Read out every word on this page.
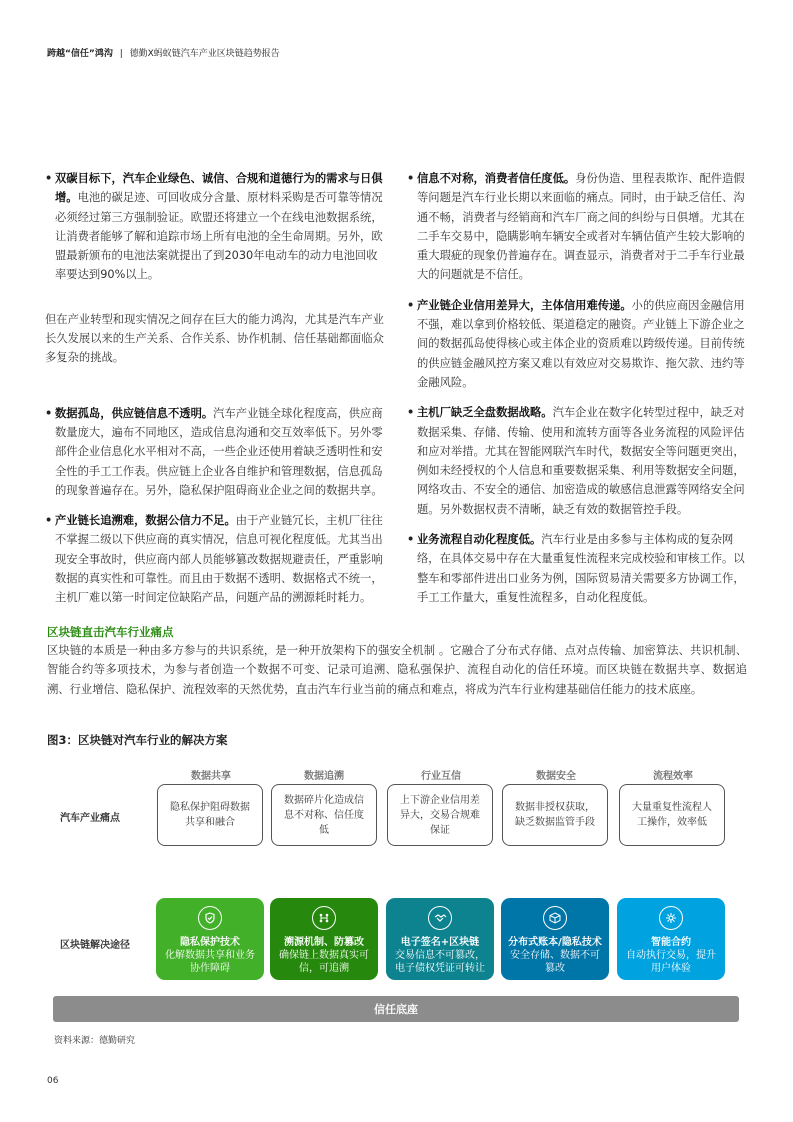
跨越“信任”鸿沟 | 德勤X蚂蚁链汽车产业区块链趋势报告
• 双碳目标下，汽车企业绿色、诚信、合规和道德行为的需求与日俱增。电池的碳足迹、可回收成分含量、原材料采购是否可靠等情况必须经过第三方强制验证。欧盟还将建立一个在线电池数据系统，让消费者能够了解和追踪市场上所有电池的全生命周期。另外，欧盟最新颁布的电池法案就提出了到2030年电动车的动力电池回收率要达到90%以上。

但在产业转型和现实情况之间存在巨大的能力鸿沟，尤其是汽车产业长久发展以来的生产关系、合作关系、协作机制、信任基础都面临众多复杂的挑战。

• 数据孤岛，供应链信息不透明。汽车产业链全球化程度高，供应商数量庞大，遍布不同地区，造成信息沟通和交互效率低下。另外零部件企业信息化水平相对不高，一些企业还使用着缺乏透明性和安全性的手工工作表。供应链上企业各自维护和管理数据，信息孤岛的现象普遍存在。另外，隐私保护阻碍商业企业之间的数据共享。
• 产业链长追溯难，数据公信力不足。由于产业链冗长，主机厂往往不掌握二级以下供应商的真实情况，信息可视化程度低。尤其当出现安全事故时，供应商内部人员能够篡改数据规避责任，严重影响数据的真实性和可靠性。而且由于数据不透明、数据格式不统一，主机厂难以第一时间定位缺陷产品，问题产品的溯源耗时耗力。
• 信息不对称，消费者信任度低。身份伪造、里程表欺诈、配件造假等问题是汽车行业长期以来面临的痛点。同时，由于缺乏信任、沟通不畅，消费者与经销商和汽车厂商之间的纠纷与日俱增。尤其在二手车交易中，隐瞒影响车辆安全或者对车辆估值产生较大影响的重大瑕疵的现象仍普遍存在。调查显示，消费者对于二手车行业最大的问题就是不信任。
• 产业链企业信用差异大，主体信用难传递。小的供应商因金融信用不强，难以拿到价格较低、渠道稳定的融资。产业链上下游企业之间的数据孤岛使得核心或主体企业的资质难以跨级传递。目前传统的供应链金融风控方案又难以有效应对交易欺诈、拖欠款、违约等金融风险。
• 主机厂缺乏全盘数据战略。汽车企业在数字化转型过程中，缺乏对数据采集、存储、传输、使用和流转方面等各业务流程的风险评估和应对举措。尤其在智能网联汽车时代，数据安全等问题更突出，例如未经授权的个人信息和重要数据采集、利用等数据安全问题，网络攻击、不安全的通信、加密造成的敏感信息泄露等网络安全问题。另外数据权责不清晰，缺乏有效的数据管控手段。
• 业务流程自动化程度低。汽车行业是由多参与主体构成的复杂网络，在具体交易中存在大量重复性流程来完成校验和审核工作。以整车和零部件进出口业务为例，国际贸易清关需要多方协调工作，手工工作量大，重复性流程多，自动化程度低。
区块链直击汽车行业痛点
区块链的本质是一种由多方参与的共识系统，是一种开放架构下的强安全机制 。它融合了分布式存储、点对点传输、加密算法、共识机制、智能合约等多项技术，为参与者创造一个数据不可变、记录可追溯、隐私强保护、流程自动化的信任环境。而区块链在数据共享、数据追溯、行业增信、隐私保护、流程效率的天然优势，直击汽车行业当前的痛点和难点，将成为汽车行业构建基础信任能力的技术底座。
图3：区块链对汽车行业的解决方案
数据共享	数据追溯	行业互信	数据安全	流程效率
汽车产业痛点
隐私保护阻碍数据共享和融合
数据碎片化造成信息不对称、信任度低
上下游企业信用差异大，交易合规难保证
数据非授权获取，缺乏数据监管手段
大量重复性流程人工操作，效率低
区块链解决途径	隐私保护技术
化解数据共享和业务协作障碍
溯源机制、防篡改
确保链上数据真实可信，可追溯
电子签名+区块链
交易信息不可篡改，电子债权凭证可转让
分布式账本/隐私技术
安全存储、数据不可篡改
智能合约
自动执行交易，提升用户体验
信任底座
资料来源：德勤研究
06
